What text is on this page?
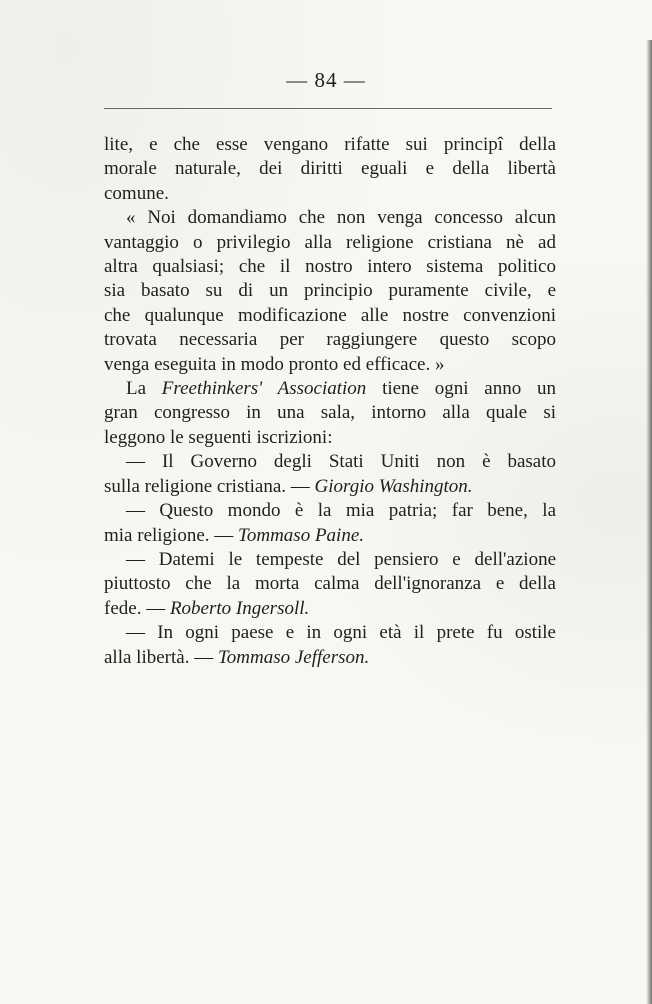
— 84 —
lite, e che esse vengano rifatte sui principî della
morale naturale, dei diritti eguali e della libertà
comune.
« Noi domandiamo che non venga concesso alcun
vantaggio o privilegio alla religione cristiana nè ad
altra qualsiasi; che il nostro intero sistema politico
sia basato su di un principio puramente civile, e
che qualunque modificazione alle nostre convenzioni
trovata necessaria per raggiungere questo scopo
venga eseguita in modo pronto ed efficace. »
La Freethinkers' Association tiene ogni anno un
gran congresso in una sala, intorno alla quale si
leggono le seguenti iscrizioni:
— Il Governo degli Stati Uniti non è basato
sulla religione cristiana. — Giorgio Washington.
— Questo mondo è la mia patria; far bene, la
mia religione. — Tommaso Paine.
— Datemi le tempeste del pensiero e dell'azione
piuttosto che la morta calma dell'ignoranza e della
fede. — Roberto Ingersoll.
— In ogni paese e in ogni età il prete fu ostile
alla libertà. — Tommaso Jefferson.
